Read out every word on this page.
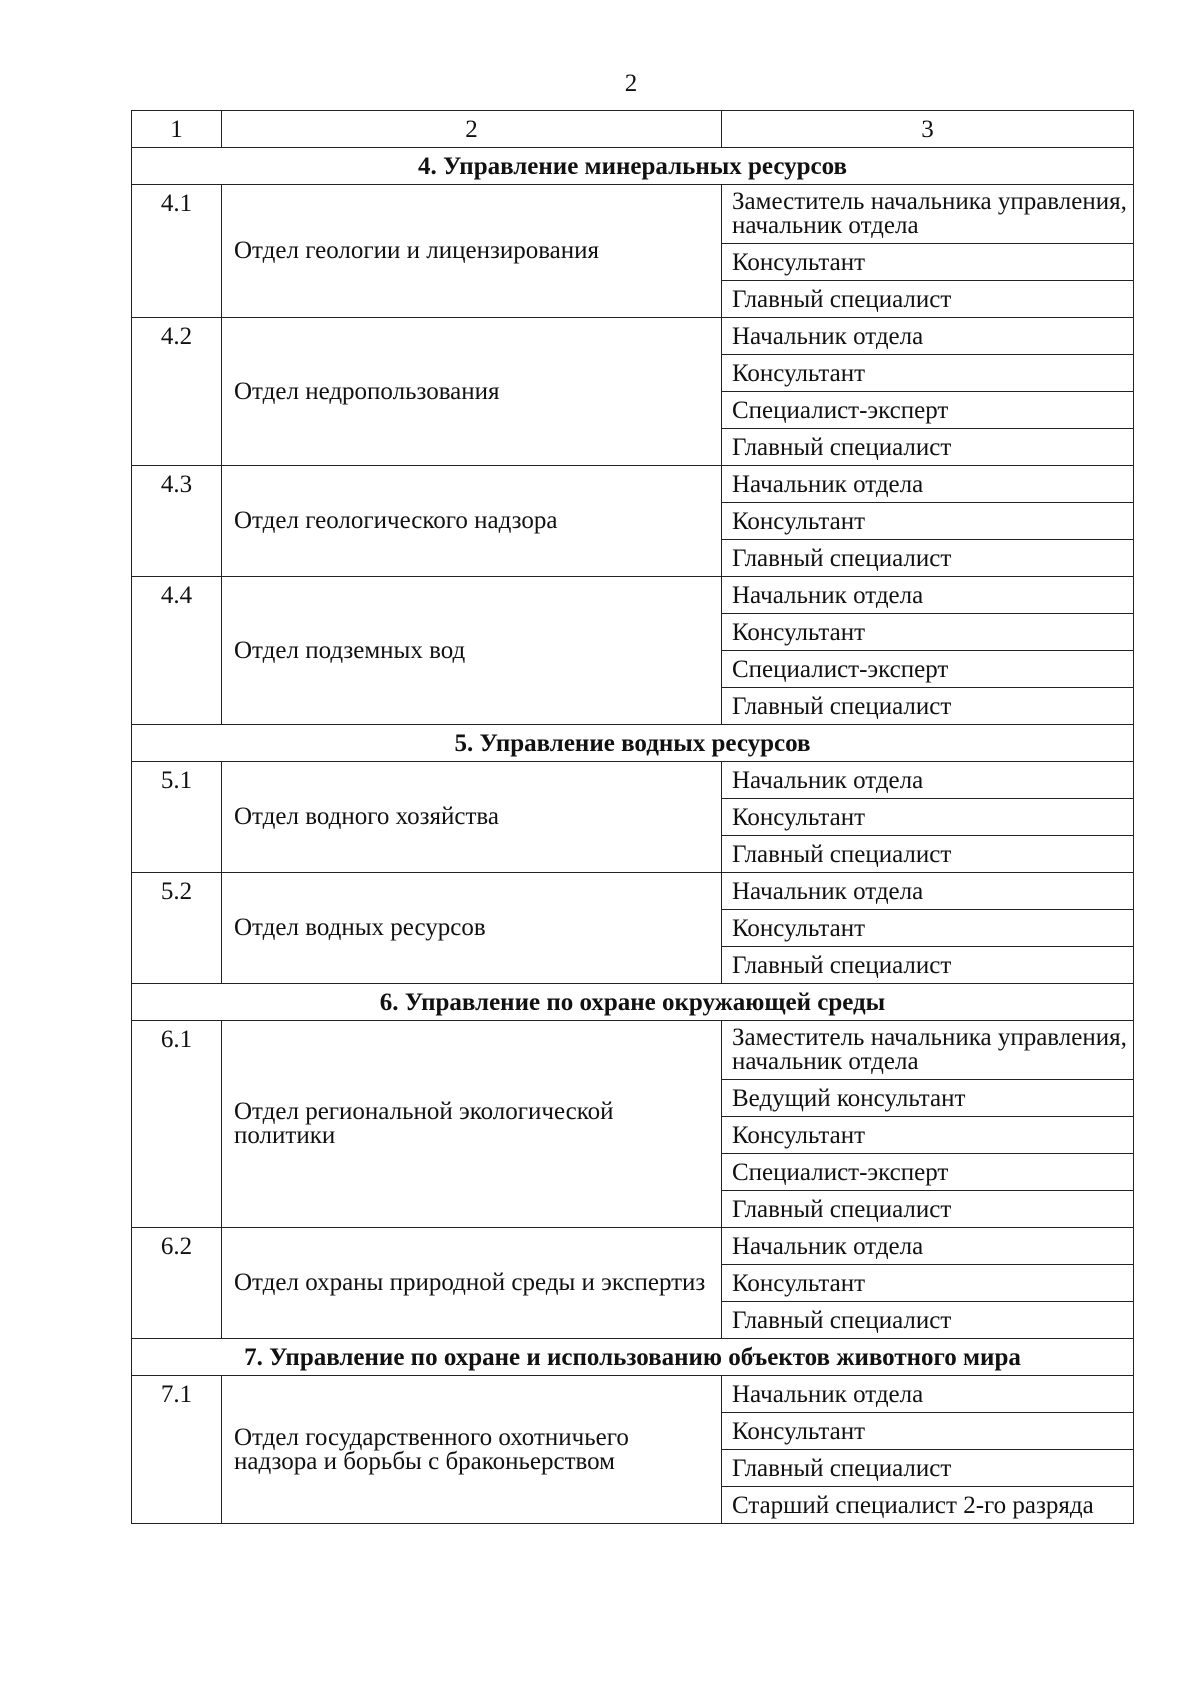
2
1	2	3
4. Управление минеральных ресурсов		
4.1	Отдел геологии и лицензирования	Заместитель начальника управления, начальник отдела
		Консультант
		Главный специалист
4.2	Отдел недропользования	Начальник отдела
		Консультант
		Специалист-эксперт
		Главный специалист
4.3	Отдел геологического надзора	Начальник отдела
		Консультант
		Главный специалист
4.4	Отдел подземных вод	Начальник отдела
		Консультант
		Специалист-эксперт
		Главный специалист
5. Управление водных ресурсов		
5.1	Отдел водного хозяйства	Начальник отдела
		Консультант
		Главный специалист
5.2	Отдел водных ресурсов	Начальник отдела
		Консультант
		Главный специалист
6. Управление по охране окружающей среды		
6.1	Отдел региональной экологической политики	Заместитель начальника управления, начальник отдела
		Ведущий консультант
		Консультант
		Специалист-эксперт
		Главный специалист
6.2	Отдел охраны природной среды и экспертиз	Начальник отдела
		Консультант
		Главный специалист
7. Управление по охране и использованию объектов животного мира		
7.1	Отдел государственного охотничьего надзора и борьбы с браконьерством	Начальник отдела
		Консультант
		Главный специалист
		Старший специалист 2-го разряда
